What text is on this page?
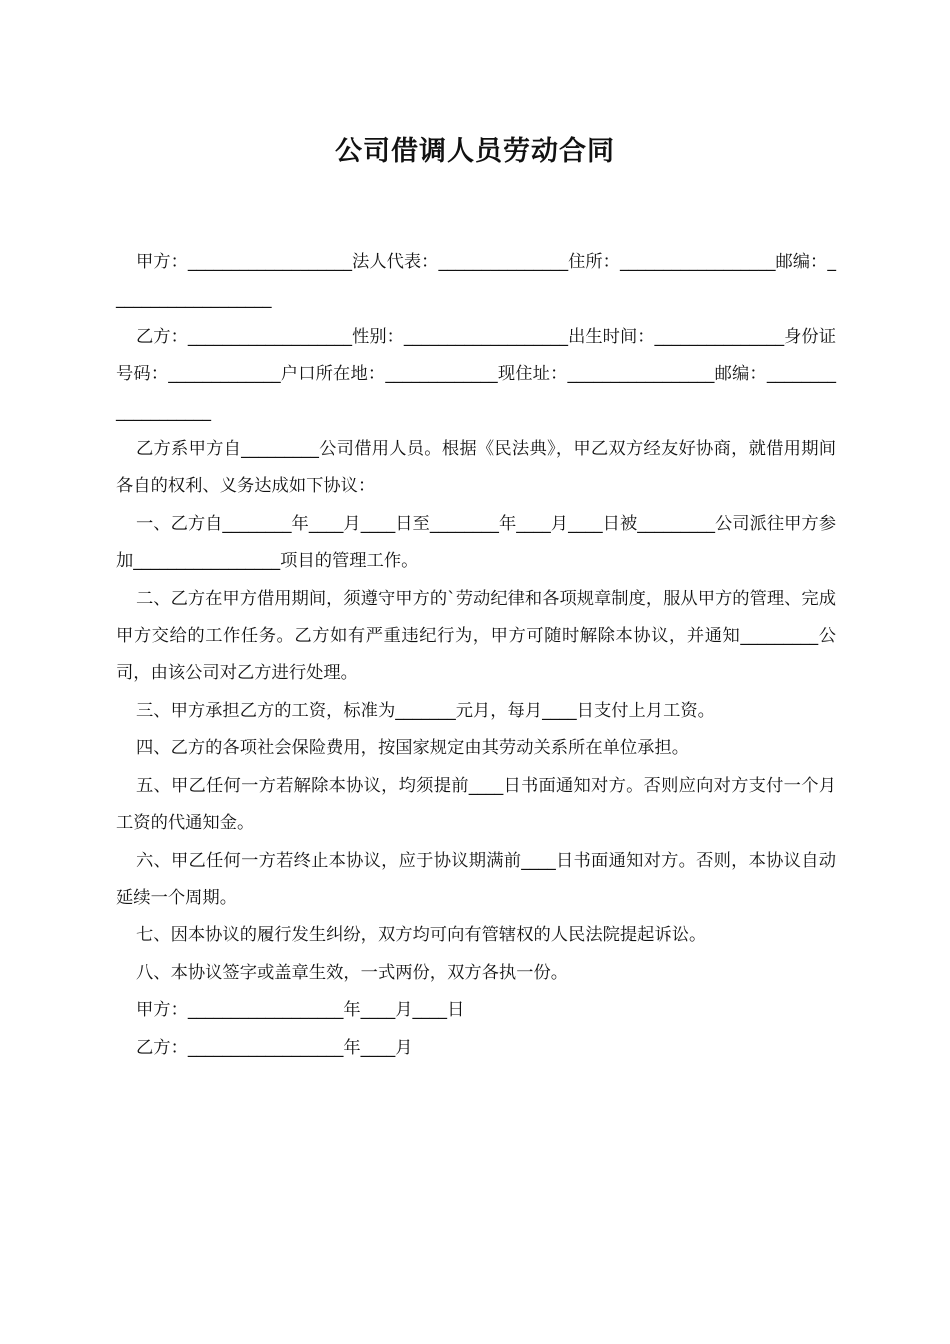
公司借调人员劳动合同

甲方：___________________法人代表：_______________住所：__________________邮编：___________________

乙方：___________________性别：___________________出生时间：_______________身份证号码：_____________户口所在地：_____________现住址：_________________邮编：___________________

乙方系甲方自_________公司借用人员。根据《民法典》，甲乙双方经友好协商，就借用期间各自的权利、义务达成如下协议：

一、乙方自________年____月____日至________年____月____日被_________公司派往甲方参加_________________项目的管理工作。

二、乙方在甲方借用期间，须遵守甲方的`劳动纪律和各项规章制度，服从甲方的管理、完成甲方交给的工作任务。乙方如有严重违纪行为，甲方可随时解除本协议，并通知_________公司，由该公司对乙方进行处理。

三、甲方承担乙方的工资，标准为_______元月，每月____日支付上月工资。

四、乙方的各项社会保险费用，按国家规定由其劳动关系所在单位承担。

五、甲乙任何一方若解除本协议，均须提前____日书面通知对方。否则应向对方支付一个月工资的代通知金。

六、甲乙任何一方若终止本协议，应于协议期满前____日书面通知对方。否则，本协议自动延续一个周期。

七、因本协议的履行发生纠纷，双方均可向有管辖权的人民法院提起诉讼。

八、本协议签字或盖章生效，一式两份，双方各执一份。

甲方：__________________年____月____日

乙方：__________________年____月
